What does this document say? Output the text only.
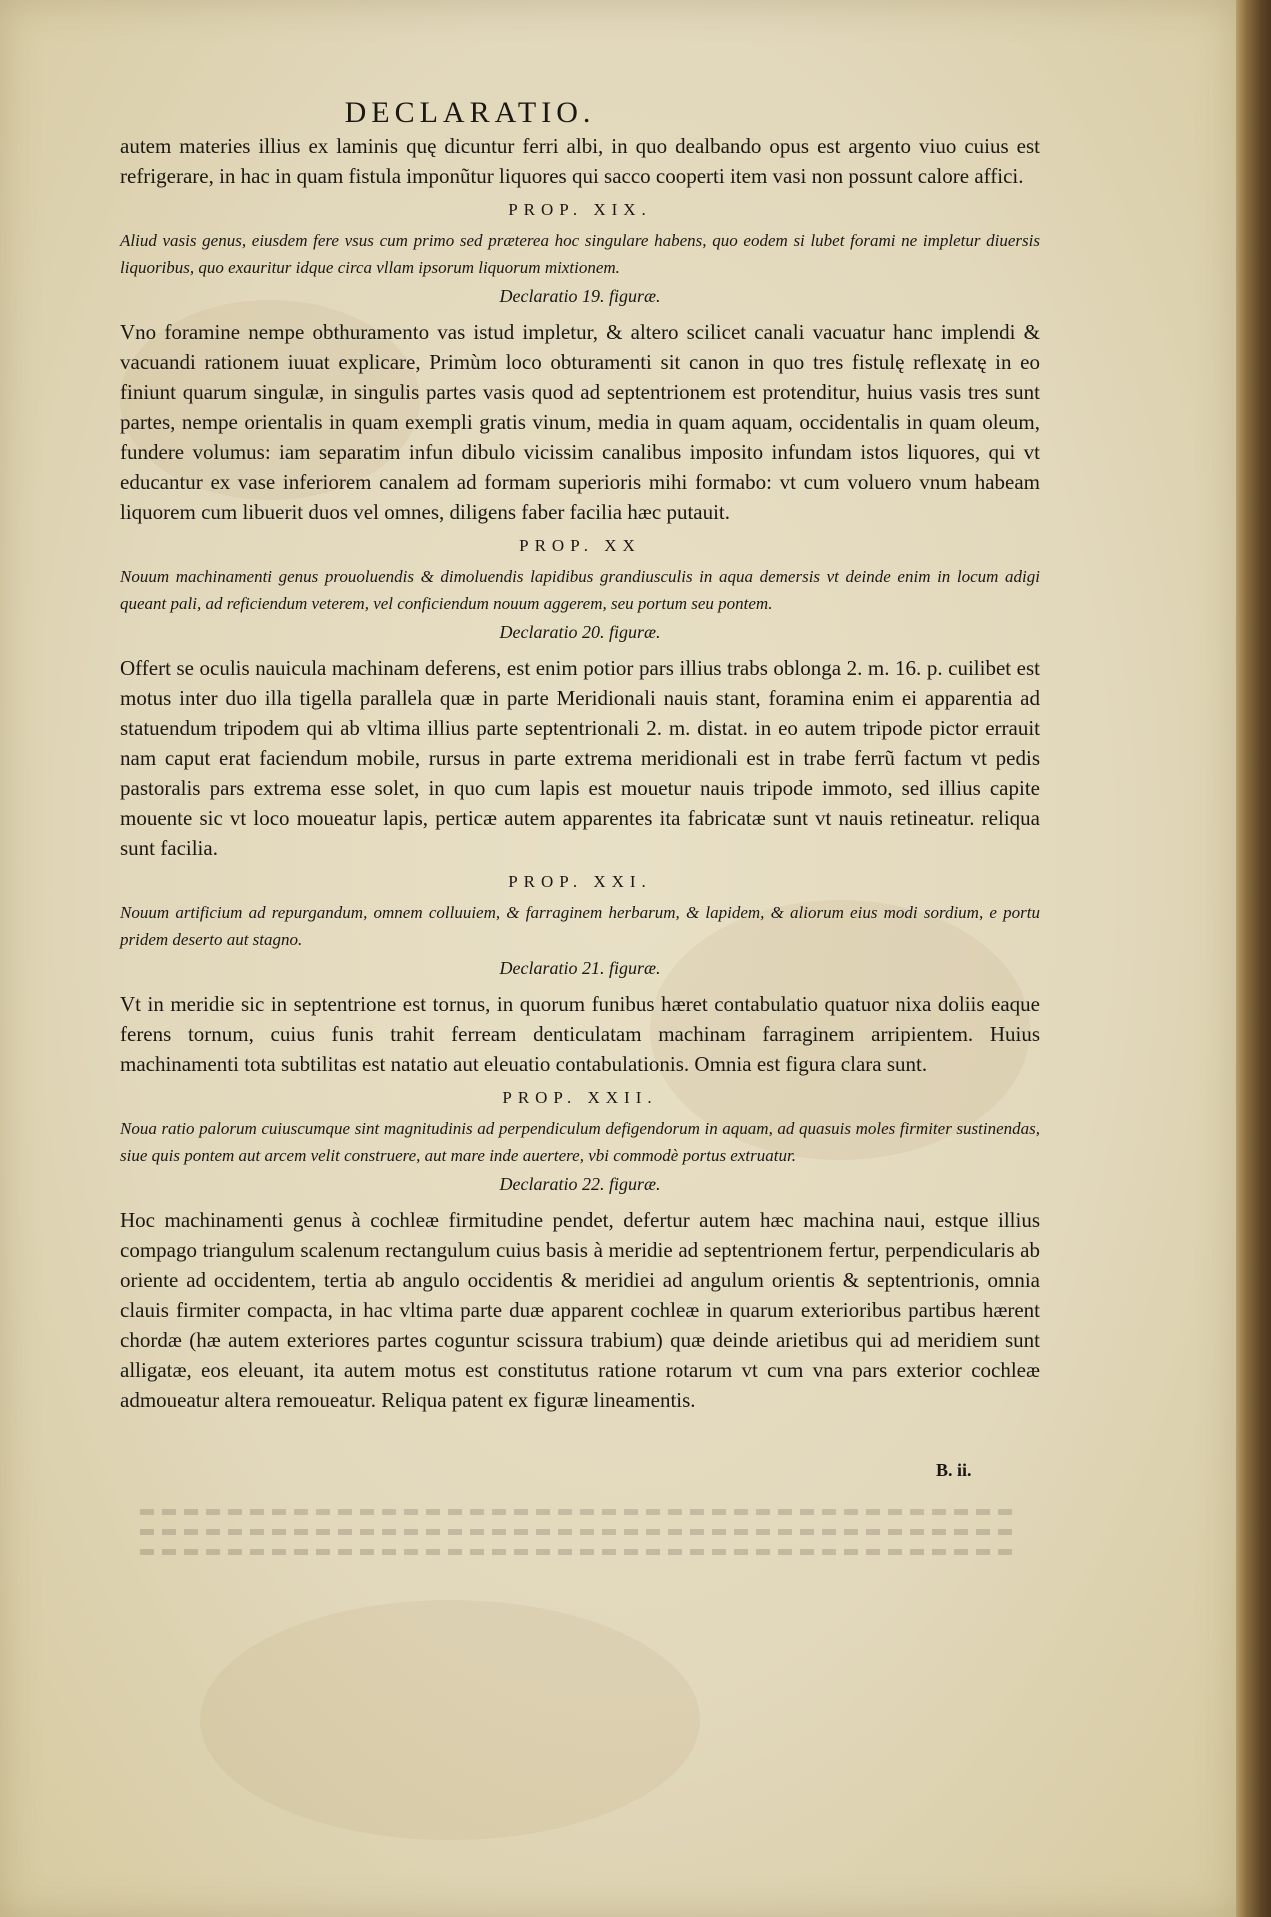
DECLARATIO.

autem materies illius ex laminis quę dicuntur ferri albi, in quo dealbando opus est argento viuo cuius est refrigerare, in hac in quam fistula imponũtur liquores qui sacco cooperti item vasi non possunt calore affici.

PROP. XIX.

Aliud vasis genus, eiusdem fere vsus cum primo sed præterea hoc singulare habens, quo eodem si lubet forami ne impletur diuersis liquoribus, quo exauritur idque circa vllam ipsorum liquorum mixtionem.

Declaratio 19. figuræ.

Vno foramine nempe obthuramento vas istud impletur, & altero scilicet canali vacuatur hanc implendi & vacuandi rationem iuuat explicare, Primùm loco obturamenti sit canon in quo tres fistulę reflexatę in eo finiunt quarum singulæ, in singulis partes vasis quod ad septentrionem est protenditur, huius vasis tres sunt partes, nempe orientalis in quam exempli gratis vinum, media in quam aquam, occidentalis in quam oleum, fundere volumus: iam separatim infun dibulo vicissim canalibus imposito infundam istos liquores, qui vt educantur ex vase inferiorem canalem ad formam superioris mihi formabo: vt cum voluero vnum habeam liquorem cum libuerit duos vel omnes, diligens faber facilia hæc putauit.

PROP. XX

Nouum machinamenti genus prouoluendis & dimoluendis lapidibus grandiusculis in aqua demersis vt deinde enim in locum adigi queant pali, ad reficiendum veterem, vel conficiendum nouum aggerem, seu portum seu pontem.

Declaratio 20. figuræ.

Offert se oculis nauicula machinam deferens, est enim potior pars illius trabs oblonga 2. m. 16. p. cuilibet est motus inter duo illa tigella parallela quæ in parte Meridionali nauis stant, foramina enim ei apparentia ad statuendum tripodem qui ab vltima illius parte septentrionali 2. m. distat. in eo autem tripode pictor errauit nam caput erat faciendum mobile, rursus in parte extrema meridionali est in trabe ferrũ factum vt pedis pastoralis pars extrema esse solet, in quo cum lapis est mouetur nauis tripode immoto, sed illius capite mouente sic vt loco moueatur lapis, perticæ autem apparentes ita fabricatæ sunt vt nauis retineatur. reliqua sunt facilia.

PROP. XXI.

Nouum artificium ad repurgandum, omnem colluuiem, & farraginem herbarum, & lapidem, & aliorum eius modi sordium, e portu pridem deserto aut stagno.

Declaratio 21. figuræ.

Vt in meridie sic in septentrione est tornus, in quorum funibus hæret contabulatio quatuor nixa doliis eaque ferens tornum, cuius funis trahit ferream denticulatam machinam farraginem arripientem. Huius machinamenti tota subtilitas est natatio aut eleuatio contabulationis. Omnia est figura clara sunt.

PROP. XXII.

Noua ratio palorum cuiuscumque sint magnitudinis ad perpendiculum defigendorum in aquam, ad quasuis moles firmiter sustinendas, siue quis pontem aut arcem velit construere, aut mare inde auertere, vbi commodè portus extruatur.

Declaratio 22. figuræ.

Hoc machinamenti genus à cochleæ firmitudine pendet, defertur autem hæc machina naui, estque illius compago triangulum scalenum rectangulum cuius basis à meridie ad septentrionem fertur, perpendicularis ab oriente ad occidentem, tertia ab angulo occidentis & meridiei ad angulum orientis & septentrionis, omnia clauis firmiter compacta, in hac vltima parte duæ apparent cochleæ in quarum exterioribus partibus hærent chordæ (hæ autem exteriores partes coguntur scissura trabium) quæ deinde arietibus qui ad meridiem sunt alligatæ, eos eleuant, ita autem motus est constitutus ratione rotarum vt cum vna pars exterior cochleæ admoueatur altera remoueatur. Reliqua patent ex figuræ lineamentis.

B. ii.
